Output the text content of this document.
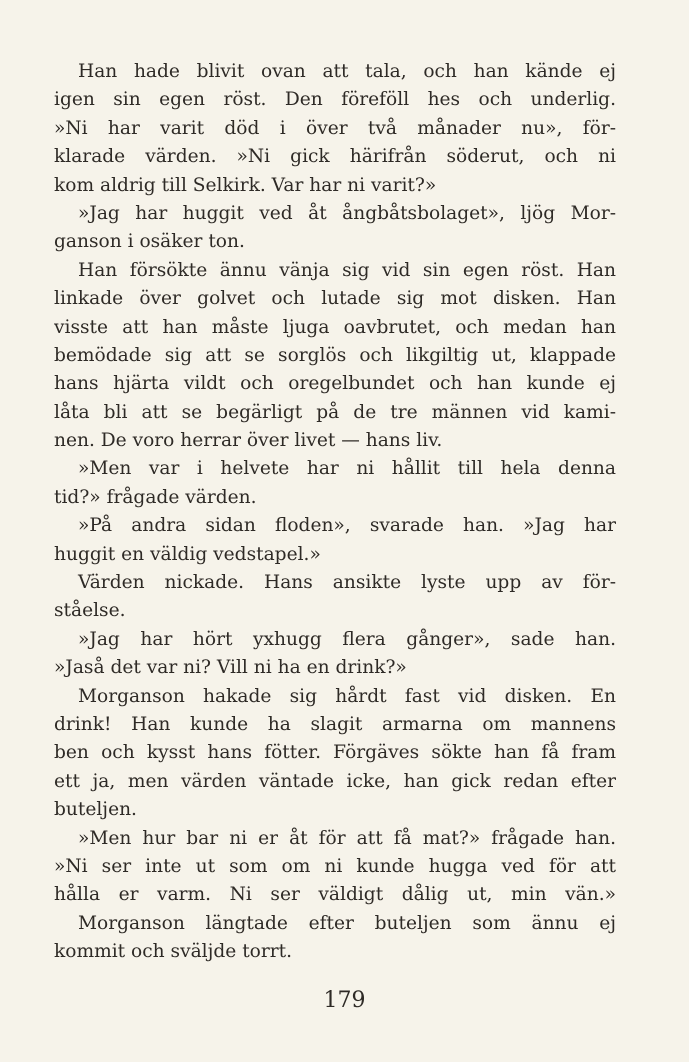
Han hade blivit ovan att tala, och han kände ej
igen sin egen röst. Den föreföll hes och underlig.
»Ni har varit död i över två månader nu», för-
klarade värden. »Ni gick härifrån söderut, och ni
kom aldrig till Selkirk. Var har ni varit?»
»Jag har huggit ved åt ångbåtsbolaget», ljög Mor-
ganson i osäker ton.
Han försökte ännu vänja sig vid sin egen röst. Han
linkade över golvet och lutade sig mot disken. Han
visste att han måste ljuga oavbrutet, och medan han
bemödade sig att se sorglös och likgiltig ut, klappade
hans hjärta vildt och oregelbundet och han kunde ej
låta bli att se begärligt på de tre männen vid kami-
nen. De voro herrar över livet — hans liv.
»Men var i helvete har ni hållit till hela denna
tid?» frågade värden.
»På andra sidan floden», svarade han. »Jag har
huggit en väldig vedstapel.»
Värden nickade. Hans ansikte lyste upp av för-
ståelse.
»Jag har hört yxhugg flera gånger», sade han.
»Jaså det var ni? Vill ni ha en drink?»
Morganson hakade sig hårdt fast vid disken. En
drink! Han kunde ha slagit armarna om mannens
ben och kysst hans fötter. Förgäves sökte han få fram
ett ja, men värden väntade icke, han gick redan efter
buteljen.
»Men hur bar ni er åt för att få mat?» frågade han.
»Ni ser inte ut som om ni kunde hugga ved för att
hålla er varm. Ni ser väldigt dålig ut, min vän.»
Morganson längtade efter buteljen som ännu ej
kommit och sväljde torrt.
179
